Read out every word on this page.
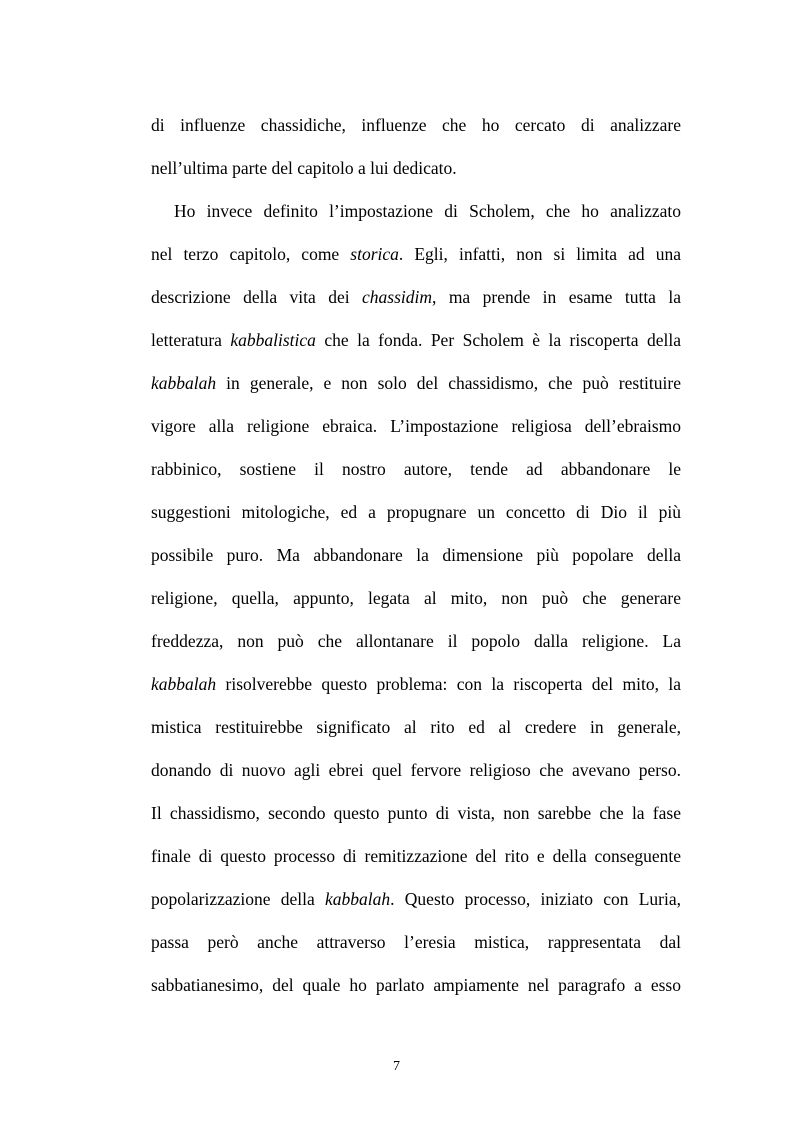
di influenze chassidiche, influenze che ho cercato di analizzare
nell’ultima parte del capitolo a lui dedicato.
Ho invece definito l’impostazione di Scholem, che ho analizzato
nel terzo capitolo, come storica. Egli, infatti, non si limita ad una
descrizione della vita dei chassidim, ma prende in esame tutta la
letteratura kabbalistica che la fonda. Per Scholem è la riscoperta della
kabbalah in generale, e non solo del chassidismo, che può restituire
vigore alla religione ebraica. L’impostazione religiosa dell’ebraismo
rabbinico, sostiene il nostro autore, tende ad abbandonare le
suggestioni mitologiche, ed a propugnare un concetto di Dio il più
possibile puro. Ma abbandonare la dimensione più popolare della
religione, quella, appunto, legata al mito, non può che generare
freddezza, non può che allontanare il popolo dalla religione. La
kabbalah risolverebbe questo problema: con la riscoperta del mito, la
mistica restituirebbe significato al rito ed al credere in generale,
donando di nuovo agli ebrei quel fervore religioso che avevano perso.
Il chassidismo, secondo questo punto di vista, non sarebbe che la fase
finale di questo processo di remitizzazione del rito e della conseguente
popolarizzazione della kabbalah. Questo processo, iniziato con Luria,
passa però anche attraverso l’eresia mistica, rappresentata dal
sabbatianesimo, del quale ho parlato ampiamente nel paragrafo a esso
7
